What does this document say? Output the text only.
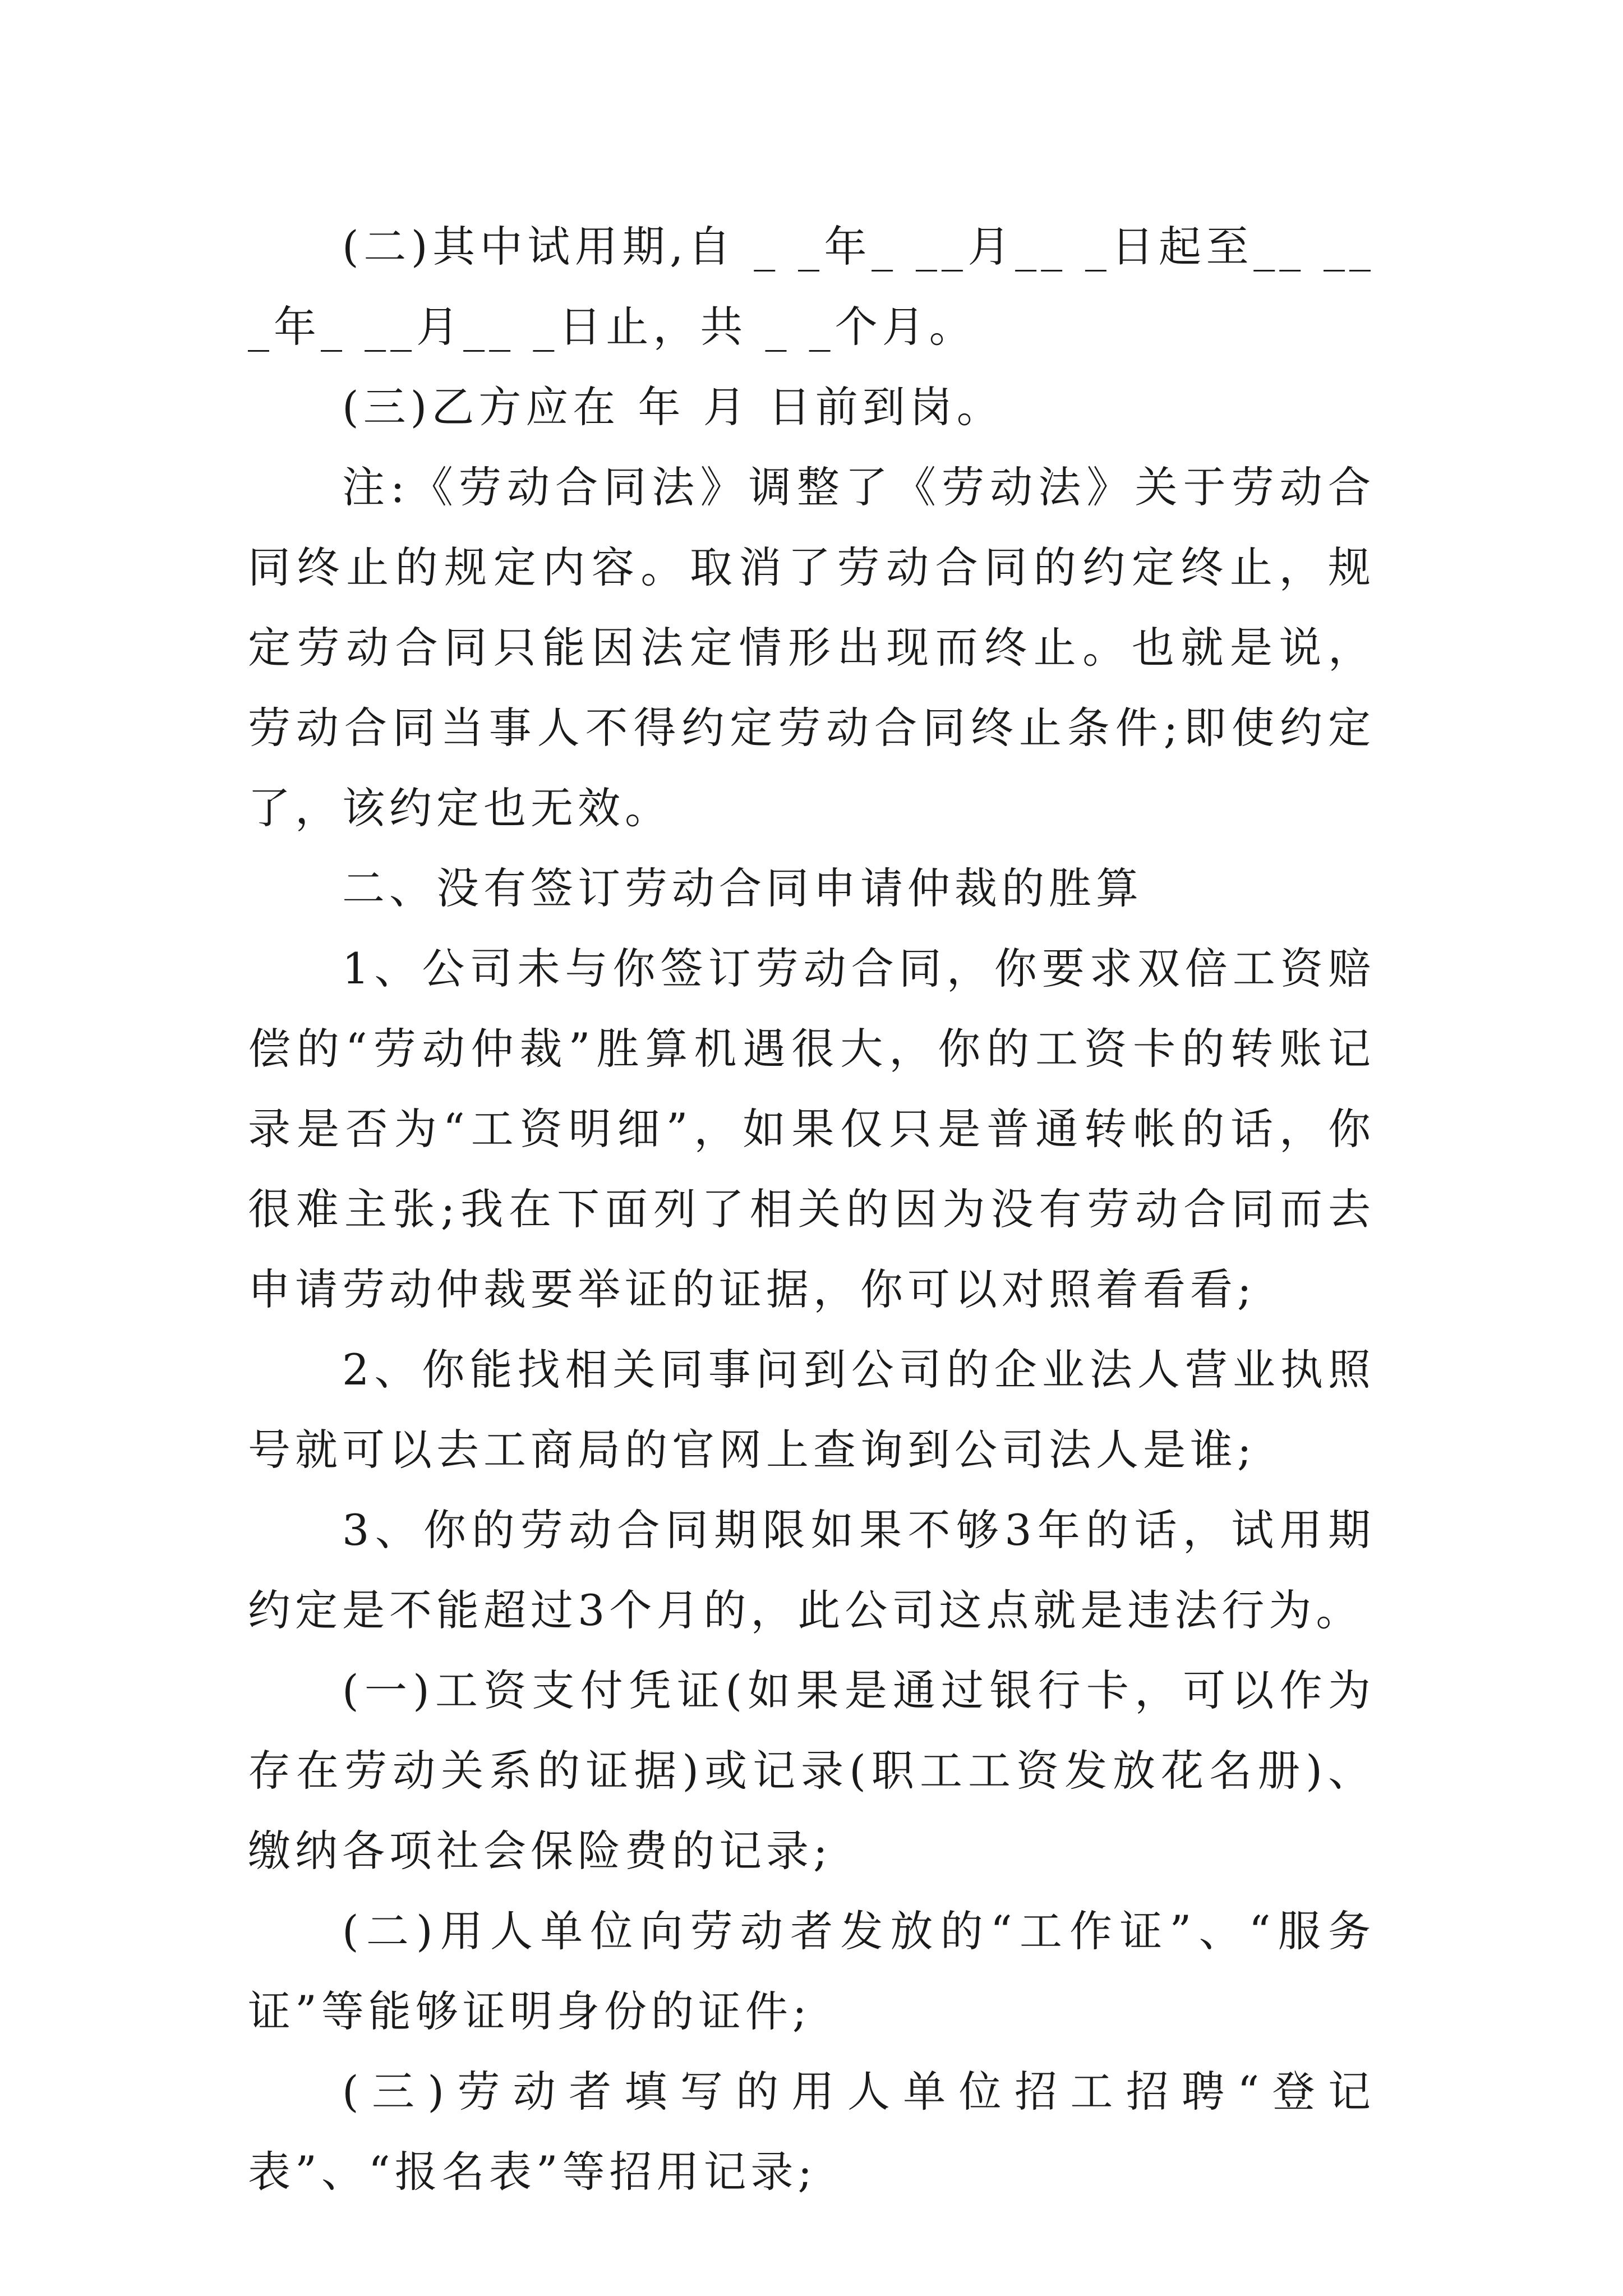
(二)其中试用期,自 _ _年_ __月__ _日起至__ ___年_ __月__ _日止，共 _ _个月。

(三)乙方应在 年 月 日前到岗。

注:《劳动合同法》调整了《劳动法》关于劳动合同终止的规定内容。取消了劳动合同的约定终止，规定劳动合同只能因法定情形出现而终止。也就是说，劳动合同当事人不得约定劳动合同终止条件;即使约定了，该约定也无效。

二、没有签订劳动合同申请仲裁的胜算

1、公司未与你签订劳动合同，你要求双倍工资赔偿的“劳动仲裁”胜算机遇很大，你的工资卡的转账记录是否为“工资明细”，如果仅只是普通转帐的话，你很难主张;我在下面列了相关的因为没有劳动合同而去申请劳动仲裁要举证的证据，你可以对照着看看;

2、你能找相关同事问到公司的企业法人营业执照号就可以去工商局的官网上查询到公司法人是谁;

3、你的劳动合同期限如果不够3年的话，试用期约定是不能超过3个月的，此公司这点就是违法行为。

(一)工资支付凭证(如果是通过银行卡，可以作为存在劳动关系的证据)或记录(职工工资发放花名册)、缴纳各项社会保险费的记录;

(二)用人单位向劳动者发放的“工作证”、“服务证”等能够证明身份的证件;

(三)劳动者填写的用人单位招工招聘“登记表”、“报名表”等招用记录;
